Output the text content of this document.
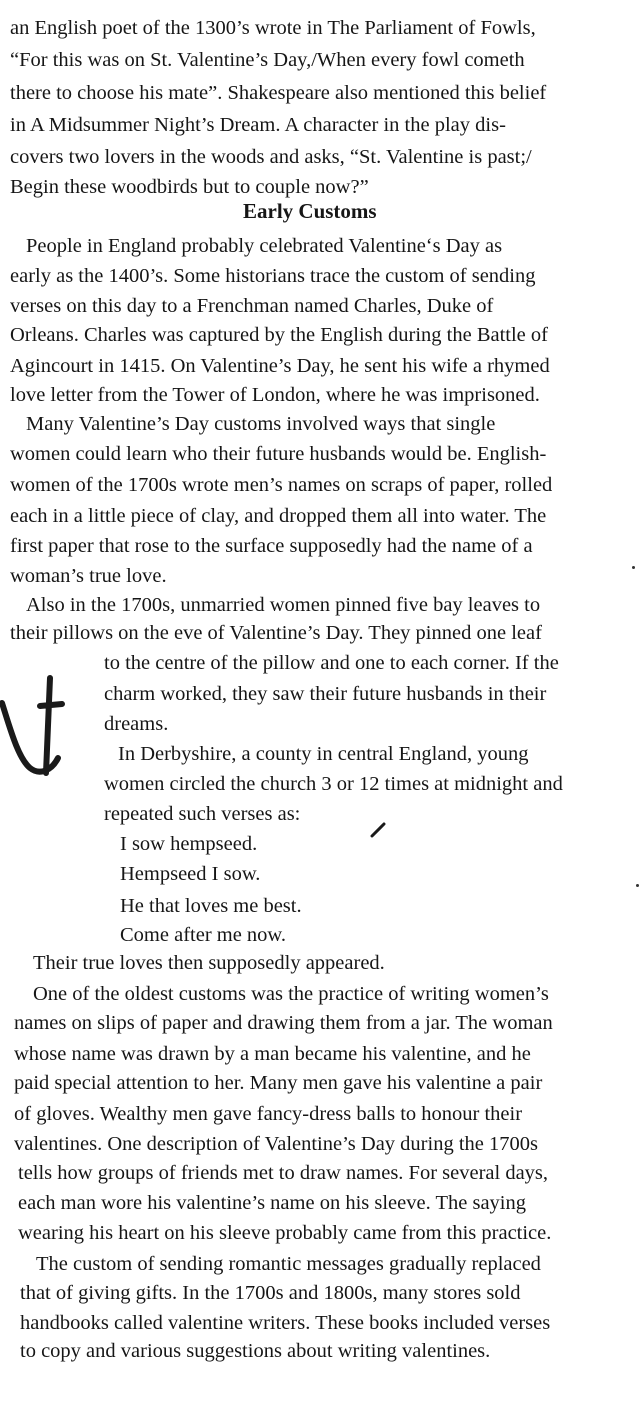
an English poet of the 1300’s wrote in The Parliament of Fowls,

“For this was on St. Valentine’s Day,/When every fowl cometh

there to choose his mate”. Shakespeare also mentioned this belief

in A Midsummer Night’s Dream. A character in the play dis-

covers two lovers in the woods and asks, “St. Valentine is past;/

Begin these woodbirds but to couple now?”

Early Customs

People in England probably celebrated Valentine‘s Day as

early as the 1400’s. Some historians trace the custom of sending

verses on this day to a Frenchman named Charles, Duke of

Orleans. Charles was captured by the English during the Battle of

Agincourt in 1415. On Valentine’s Day, he sent his wife a rhymed

love letter from the Tower of London, where he was imprisoned.

Many Valentine’s Day customs involved ways that single

women could learn who their future husbands would be. English-

women of the 1700s wrote men’s names on scraps of paper, rolled

each in a little piece of clay, and dropped them all into water. The

first paper that rose to the surface supposedly had the name of a

woman’s true love.

Also in the 1700s, unmarried women pinned five bay leaves to

their pillows on the eve of Valentine’s Day. They pinned one leaf

to the centre of the pillow and one to each corner. If the

charm worked, they saw their future husbands in their

dreams.

In Derbyshire, a county in central England, young

women circled the church 3 or 12 times at midnight and

repeated such verses as:

I sow hempseed.

Hempseed I sow.

He that loves me best.

Come after me now.

Their true loves then supposedly appeared.

One of the oldest customs was the practice of writing women’s

names on slips of paper and drawing them from a jar. The woman

whose name was drawn by a man became his valentine, and he

paid special attention to her. Many men gave his valentine a pair

of gloves. Wealthy men gave fancy-dress balls to honour their

valentines. One description of Valentine’s Day during the 1700s

tells how groups of friends met to draw names. For several days,

each man wore his valentine’s name on his sleeve. The saying

wearing his heart on his sleeve probably came from this practice.

The custom of sending romantic messages gradually replaced

that of giving gifts. In the 1700s and 1800s, many stores sold

handbooks called valentine writers. These books included verses

to copy and various suggestions about writing valentines.
